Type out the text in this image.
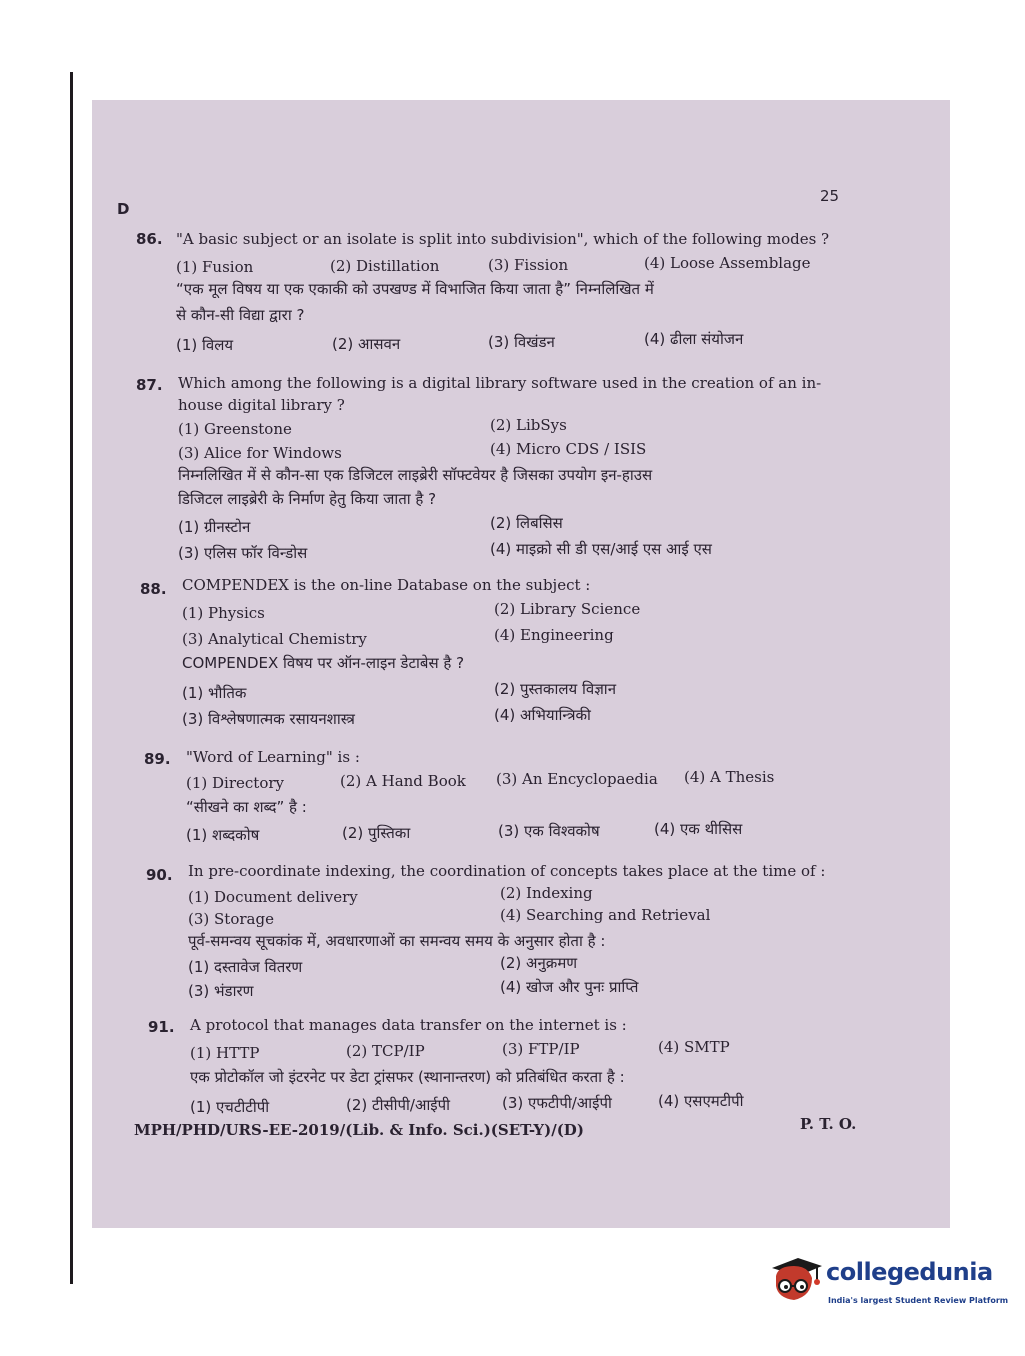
D
25
86. "A basic subject or an isolate is split into subdivision", which of the following modes ?
(1) Fusion	(2) Distillation	(3) Fission	(4) Loose Assemblage
“एक मूल विषय या एक एकाकी को उपखण्ड में विभाजित किया जाता है” निम्नलिखित में
से कौन-सी विद्या द्वारा ?
(1) विलय	(2) आसवन	(3) विखंडन	(4) ढीला संयोजन
87. Which among the following is a digital library software used in the creation of an in-
house digital library ?
(1) Greenstone	(2) LibSys
(3) Alice for Windows	(4) Micro CDS / ISIS
निम्नलिखित में से कौन-सा एक डिजिटल लाइब्रेरी सॉफ्टवेयर है जिसका उपयोग इन-हाउस
डिजिटल लाइब्रेरी के निर्माण हेतु किया जाता है ?
(1) ग्रीनस्टोन	(2) लिबसिस
(3) एलिस फॉर विन्डोस	(4) माइक्रो सी डी एस/आई एस आई एस
88. COMPENDEX is the on-line Database on the subject :
(1) Physics	(2) Library Science
(3) Analytical Chemistry	(4) Engineering
COMPENDEX विषय पर ऑन-लाइन डेटाबेस है ?
(1) भौतिक	(2) पुस्तकालय विज्ञान
(3) विश्लेषणात्मक रसायनशास्त्र	(4) अभियान्त्रिकी
89. "Word of Learning" is :
(1) Directory	(2) A Hand Book (3) An Encyclopaedia (4) A Thesis
“सीखने का शब्द” है :
(1) शब्दकोष	(2) पुस्तिका	(3) एक विश्वकोष	(4) एक थीसिस
90. In pre-coordinate indexing, the coordination of concepts takes place at the time of :
(1) Document delivery	(2) Indexing
(3) Storage	(4) Searching and Retrieval
पूर्व-समन्वय सूचकांक में, अवधारणाओं का समन्वय समय के अनुसार होता है :
(1) दस्तावेज वितरण	(2) अनुक्रमण
(3) भंडारण	(4) खोज और पुनः प्राप्ति
91. A protocol that manages data transfer on the internet is :
(1) HTTP	(2) TCP/IP	(3) FTP/IP	(4) SMTP
एक प्रोटोकॉल जो इंटरनेट पर डेटा ट्रांसफर (स्थानान्तरण) को प्रतिबंधित करता है :
(1) एचटीटीपी	(2) टीसीपी/आईपी	(3) एफटीपी/आईपी	(4) एसएमटीपी
MPH/PHD/URS-EE-2019/(Lib. & Info. Sci.)(SET-Y)/(D)	P. T. O.
collegedunia
India's largest Student Review Platform
